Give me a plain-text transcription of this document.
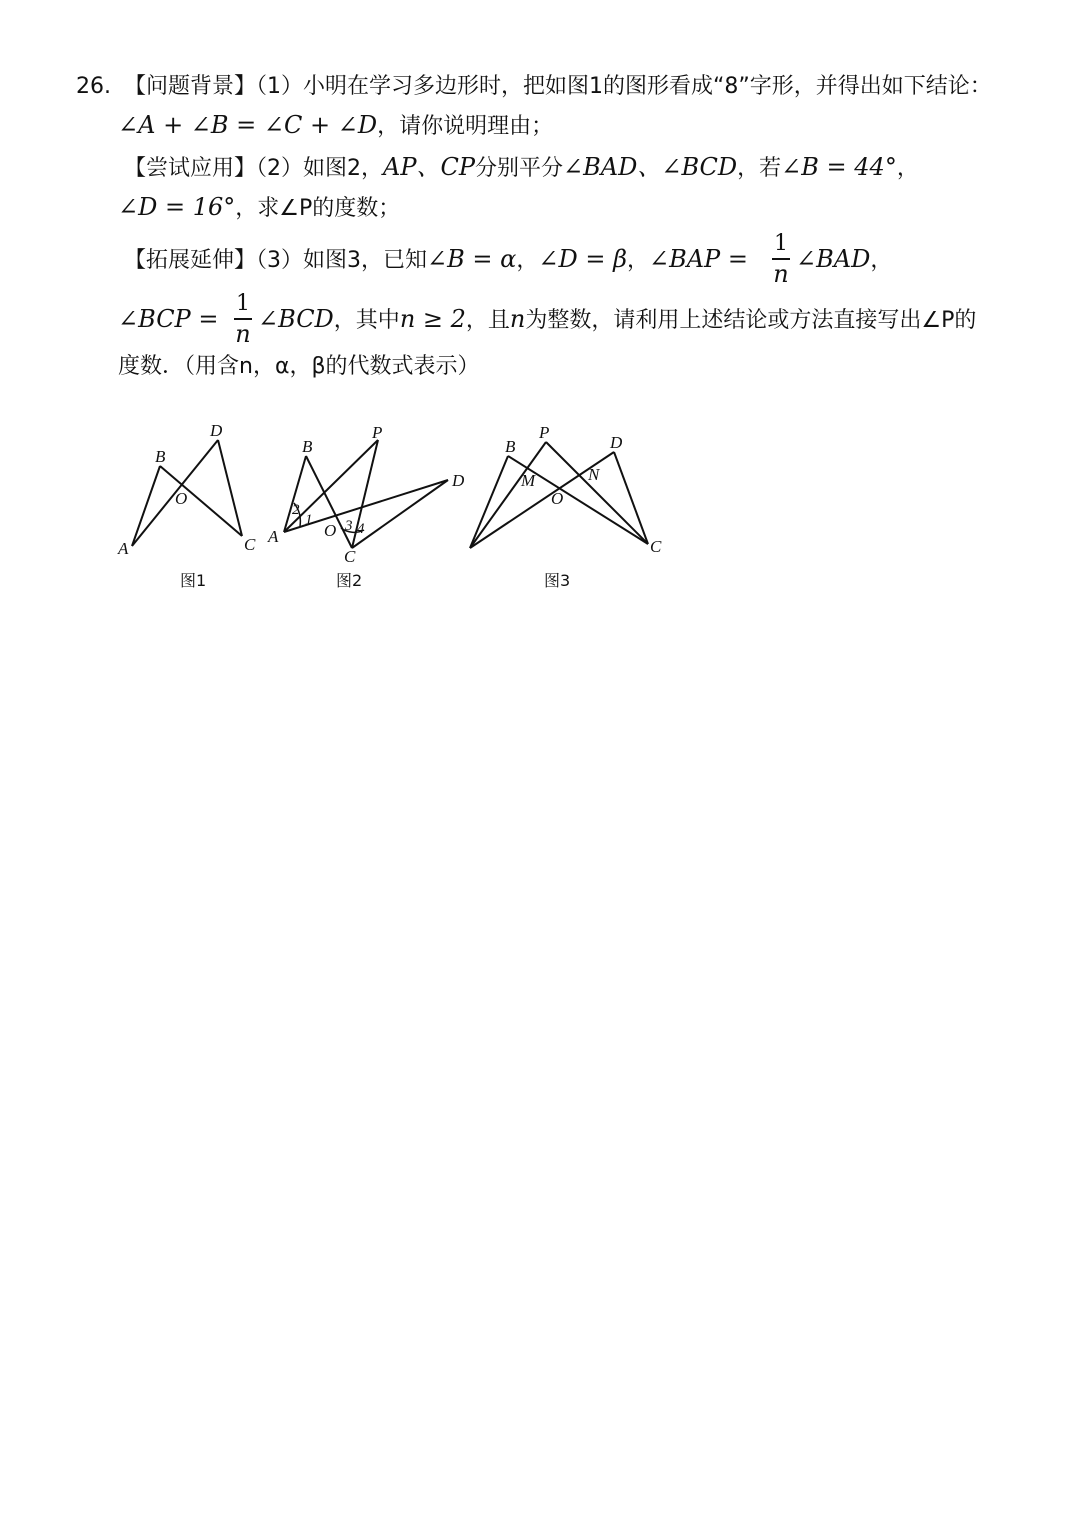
26. 【问题背景】（1）小明在学习多边形时，把如图1的图形看成“8”字形，并得出如下结论：
∠A + ∠B = ∠C + ∠D，请你说明理由；
【尝试应用】（2）如图2，AP、CP分别平分∠BAD、∠BCD，若∠B = 44°，
∠D = 16°，求∠P的度数；
【拓展延伸】（3）如图3，已知∠B = α，∠D = β，∠BAP = $\frac{1}{n}$ ∠BAD，
∠BCP = $\frac{1}{n}$ ∠BCD，其中n ≥ 2，且n为整数，请利用上述结论或方法直接写出∠P的
度数．（用含n，α，β的代数式表示）
A
B
C
D
O
图1
A
B
C
D
O
P
1
2
3 4
图2
B
P
D
M	N
O
C
图3
